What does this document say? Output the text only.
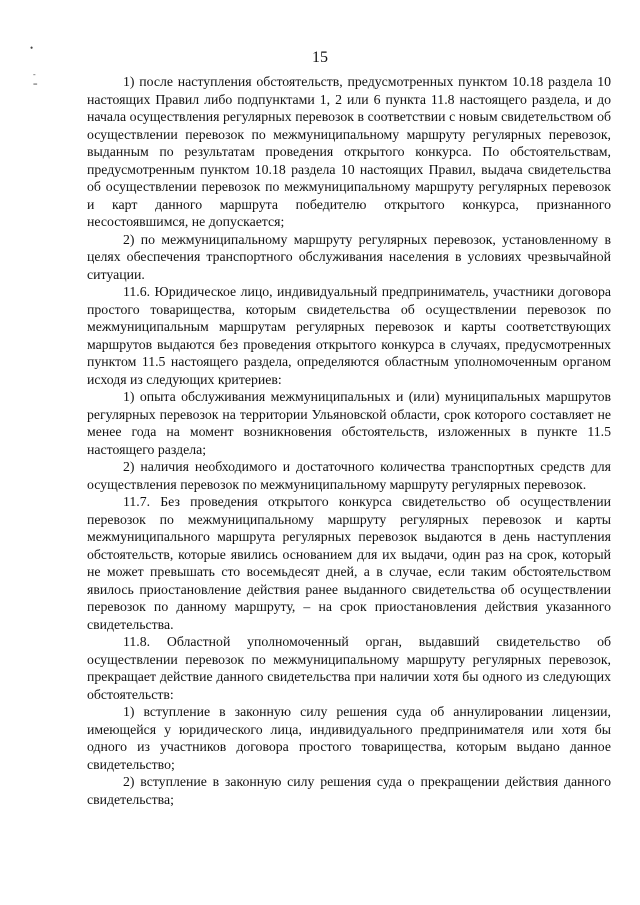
15
•
-
=	1) после наступления обстоятельств, предусмотренных пунктом 10.18 раздела 10 настоящих Правил либо подпунктами 1, 2 или 6 пункта 11.8 настоящего раздела, и до начала осуществления регулярных перевозок в соответствии с новым свидетельством об осуществлении перевозок по межмуниципальному маршруту регулярных перевозок, выданным по результатам проведения открытого конкурса. По обстоятельствам, предусмотренным пунктом 10.18 раздела 10 настоящих Правил, выдача свидетельства об осуществлении перевозок по межмуниципальному маршруту регулярных перевозок и карт данного маршрута победителю открытого конкурса, признанного несостоявшимся, не допускается;

2) по межмуниципальному маршруту регулярных перевозок, установленному в целях обеспечения транспортного обслуживания населения в условиях чрезвычайной ситуации.

11.6. Юридическое лицо, индивидуальный предприниматель, участники договора простого товарищества, которым свидетельства об осуществлении перевозок по межмуниципальным маршрутам регулярных перевозок и карты соответствующих маршрутов выдаются без проведения открытого конкурса в случаях, предусмотренных пунктом 11.5 настоящего раздела, определяются областным уполномоченным органом исходя из следующих критериев:

1) опыта обслуживания межмуниципальных и (или) муниципальных маршрутов регулярных перевозок на территории Ульяновской области, срок которого составляет не менее года на момент возникновения обстоятельств, изложенных в пункте 11.5 настоящего раздела;

2) наличия необходимого и достаточного количества транспортных средств для осуществления перевозок по межмуниципальному маршруту регулярных перевозок.

11.7. Без проведения открытого конкурса свидетельство об осуществлении перевозок по межмуниципальному маршруту регулярных перевозок и карты межмуниципального маршрута регулярных перевозок выдаются в день наступления обстоятельств, которые явились основанием для их выдачи, один раз на срок, который не может превышать сто восемьдесят дней, а в случае, если таким обстоятельством явилось приостановление действия ранее выданного свидетельства об осуществлении перевозок по данному маршруту, – на срок приостановления действия указанного свидетельства.

11.8. Областной уполномоченный орган, выдавший свидетельство об осуществлении перевозок по межмуниципальному маршруту регулярных перевозок, прекращает действие данного свидетельства при наличии хотя бы одного из следующих обстоятельств:

1) вступление в законную силу решения суда об аннулировании лицензии, имеющейся у юридического лица, индивидуального предпринимателя или хотя бы одного из участников договора простого товарищества, которым выдано данное свидетельство;

2) вступление в законную силу решения суда о прекращении действия данного свидетельства;
